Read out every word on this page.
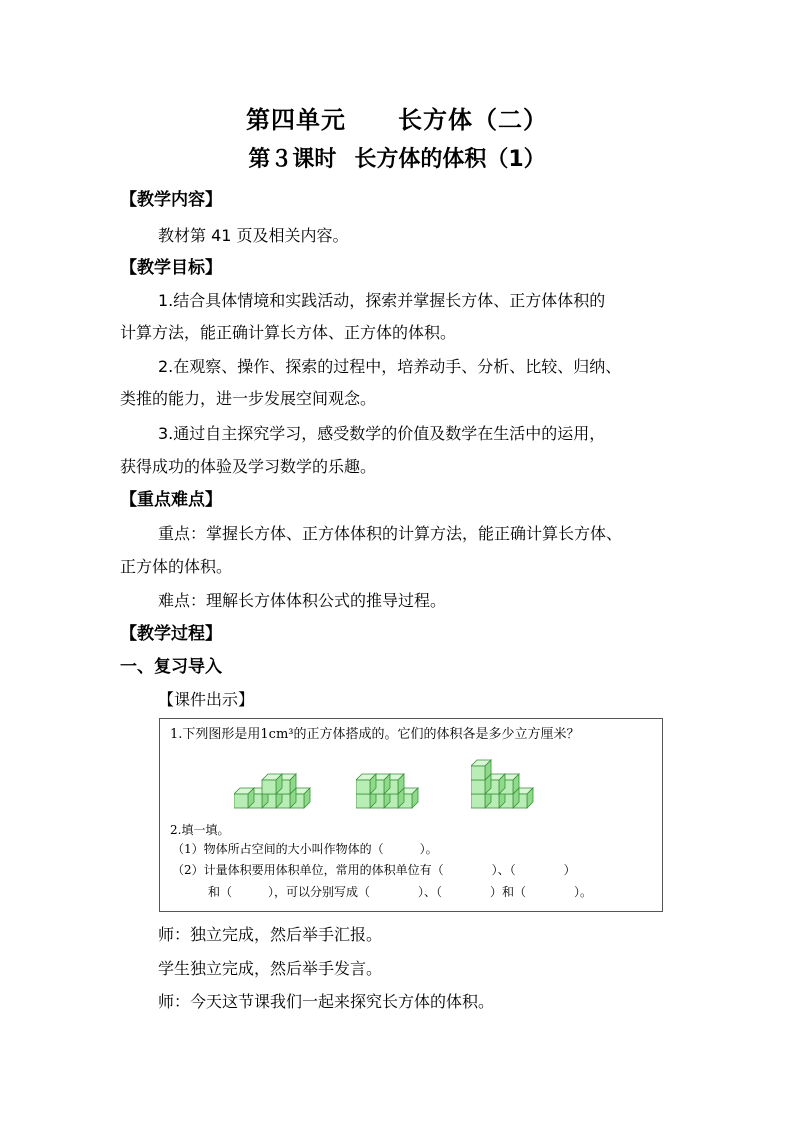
第四单元 长方体（二）
第３课时 长方体的体积（1）
【教学内容】
教材第 41 页及相关内容。
【教学目标】
1.结合具体情境和实践活动，探索并掌握长方体、正方体体积的
计算方法，能正确计算长方体、正方体的体积。
2.在观察、操作、探索的过程中，培养动手、分析、比较、归纳、
类推的能力，进一步发展空间观念。
3.通过自主探究学习，感受数学的价值及数学在生活中的运用，
获得成功的体验及学习数学的乐趣。
【重点难点】
重点：掌握长方体、正方体体积的计算方法，能正确计算长方体、
正方体的体积。
难点：理解长方体体积公式的推导过程。
【教学过程】
一、复习导入
【课件出示】
1.下列图形是用1cm³的正方体搭成的。它们的体积各是多少立方厘米？
2.填一填。
（1）物体所占空间的大小叫作物体的（　　　）。
（2）计量体积要用体积单位，常用的体积单位有（　　　　）、（　　　　）
和（　　　），可以分别写成（　　　　）、（　　　　）和（　　　　）。
师：独立完成，然后举手汇报。
学生独立完成，然后举手发言。
师：今天这节课我们一起来探究长方体的体积。
